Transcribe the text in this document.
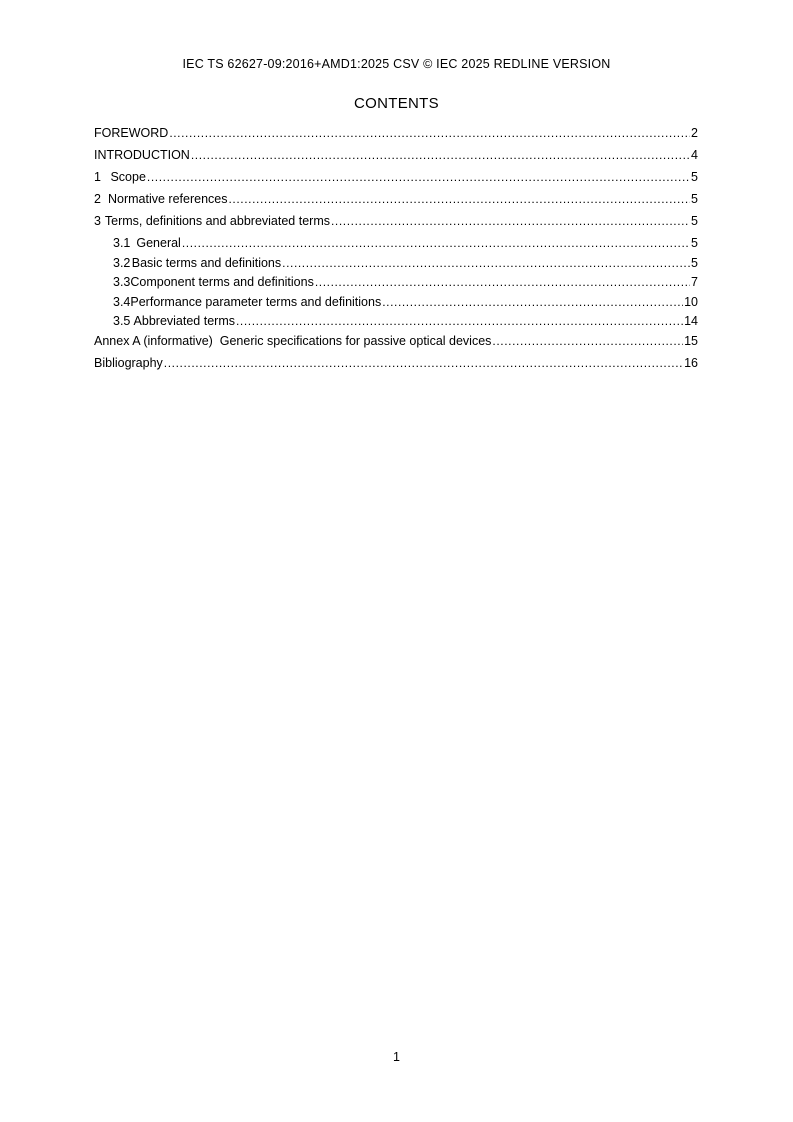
IEC TS 62627-09:2016+AMD1:2025 CSV © IEC 2025 REDLINE VERSION
CONTENTS
FOREWORD .....	2
INTRODUCTION .....	4
1 Scope .....	5
2 Normative references .....	5
3 Terms, definitions and abbreviated terms .....	5
3.1 General .....	5
3.2 Basic terms and definitions .....	5
3.3 Component terms and definitions .....	7
3.4 Performance parameter terms and definitions .....	10
3.5 Abbreviated terms .....	14
Annex A (informative)  Generic specifications for passive optical devices .....	15
Bibliography .....	16
1
